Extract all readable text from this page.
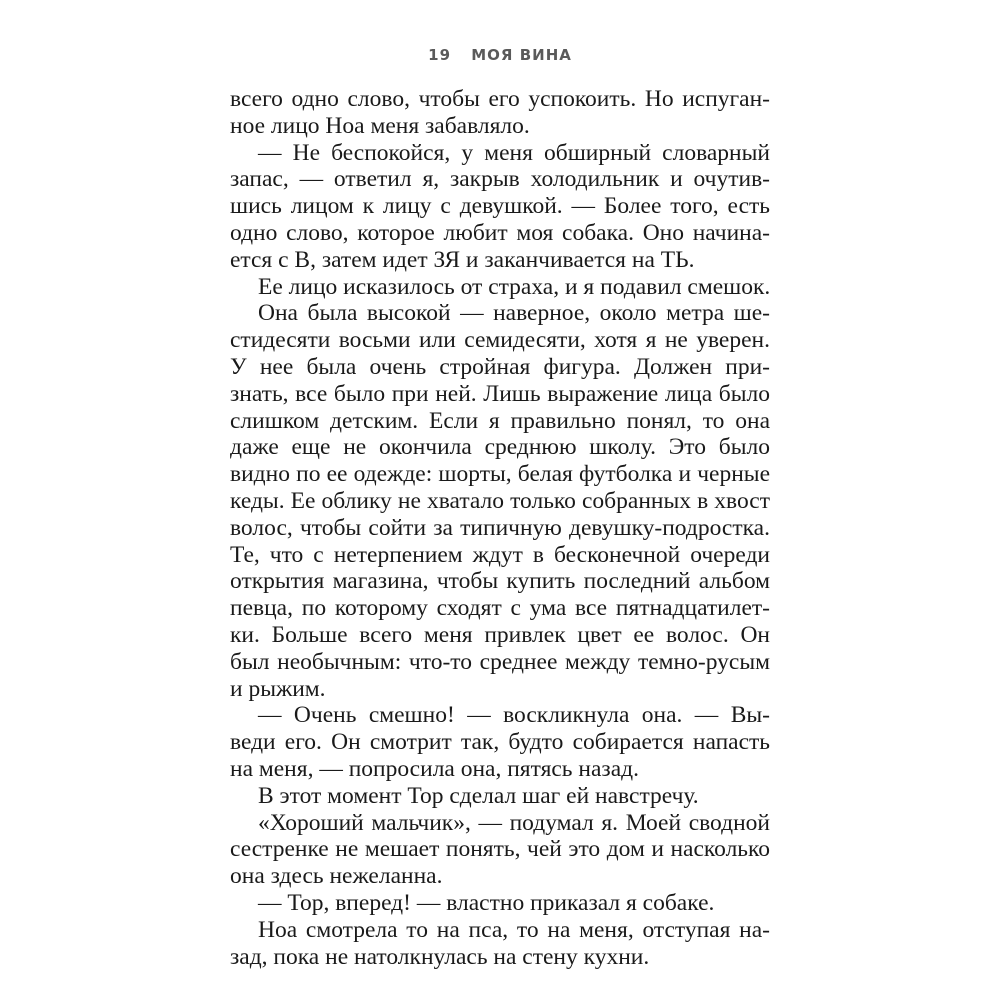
19 МОЯ ВИНА
всего одно слово, чтобы его успокоить. Но испуган-
ное лицо Ноа меня забавляло.
— Не беспокойся, у меня обширный словарный
запас, — ответил я, закрыв холодильник и очутив-
шись лицом к лицу с девушкой. — Более того, есть
одно слово, которое любит моя собака. Оно начина-
ется с В, затем идет ЗЯ и заканчивается на ТЬ.
Ее лицо исказилось от страха, и я подавил смешок.
Она была высокой — наверное, около метра ше-
стидесяти восьми или семидесяти, хотя я не уверен.
У нее была очень стройная фигура. Должен при-
знать, все было при ней. Лишь выражение лица было
слишком детским. Если я правильно понял, то она
даже еще не окончила среднюю школу. Это было
видно по ее одежде: шорты, белая футболка и черные
кеды. Ее облику не хватало только собранных в хвост
волос, чтобы сойти за типичную девушку-подростка.
Те, что с нетерпением ждут в бесконечной очереди
открытия магазина, чтобы купить последний альбом
певца, по которому сходят с ума все пятнадцатилет-
ки. Больше всего меня привлек цвет ее волос. Он
был необычным: что-то среднее между темно-русым
и рыжим.
— Очень смешно! — воскликнула она. — Вы-
веди его. Он смотрит так, будто собирается напасть
на меня, — попросила она, пятясь назад.
В этот момент Тор сделал шаг ей навстречу.
«Хороший мальчик», — подумал я. Моей сводной
сестренке не мешает понять, чей это дом и насколько
она здесь нежеланна.
— Тор, вперед! — властно приказал я собаке.
Ноа смотрела то на пса, то на меня, отступая на-
зад, пока не натолкнулась на стену кухни.
